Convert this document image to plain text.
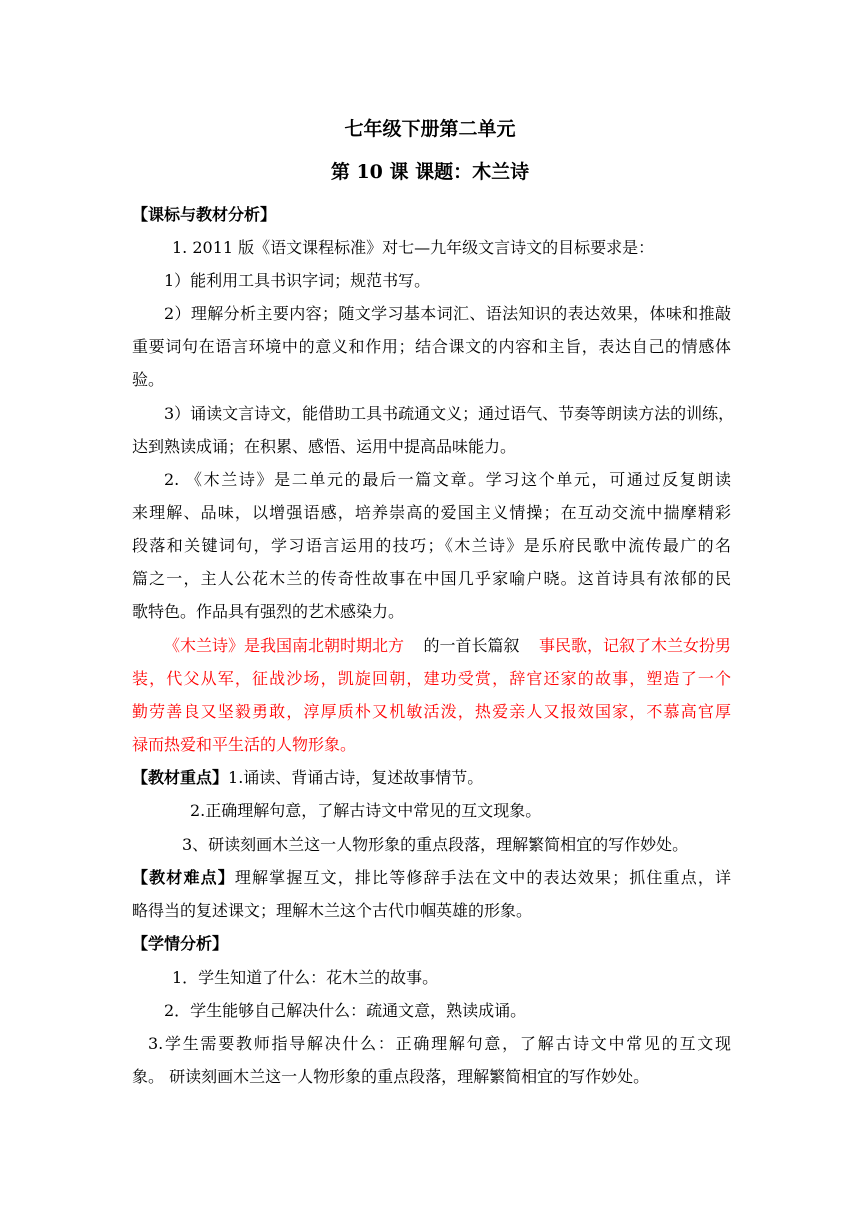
七年级下册第二单元
第 10 课 课题：木兰诗
【课标与教材分析】
1. 2011 版《语文课程标准》对七—九年级文言诗文的目标要求是：
1）能利用工具书识字词；规范书写。
2）理解分析主要内容；随文学习基本词汇、语法知识的表达效果，体味和推敲
重要词句在语言环境中的意义和作用；结合课文的内容和主旨，表达自己的情感体
验。
3）诵读文言诗文，能借助工具书疏通文义；通过语气、节奏等朗读方法的训练，
达到熟读成诵；在积累、感悟、运用中提高品味能力。
2. 《木兰诗》是二单元的最后一篇文章。学习这个单元，可通过反复朗读
来理解、品味，以增强语感，培养崇高的爱国主义情操；在互动交流中揣摩精彩
段落和关键词句，学习语言运用的技巧；《木兰诗》是乐府民歌中流传最广的名
篇之一，主人公花木兰的传奇性故事在中国几乎家喻户晓。这首诗具有浓郁的民
歌特色。作品具有强烈的艺术感染力。
《木兰诗》是我国南北朝时期北方 的一首长篇叙 事民歌，记叙了木兰女扮男
装，代父从军，征战沙场，凯旋回朝，建功受赏，辞官还家的故事，塑造了一个
勤劳善良又坚毅勇敢，淳厚质朴又机敏活泼，热爱亲人又报效国家，不慕高官厚
禄而热爱和平生活的人物形象。
【教材重点】1.诵读、背诵古诗，复述故事情节。
2.正确理解句意，了解古诗文中常见的互文现象。
3、研读刻画木兰这一人物形象的重点段落，理解繁简相宜的写作妙处。
【教材难点】理解掌握互文，排比等修辞手法在文中的表达效果；抓住重点，详
略得当的复述课文；理解木兰这个古代巾帼英雄的形象。
【学情分析】
1．学生知道了什么：花木兰的故事。
2．学生能够自己解决什么：疏通文意，熟读成诵。
3.学生需要教师指导解决什么：正确理解句意，了解古诗文中常见的互文现
象。 研读刻画木兰这一人物形象的重点段落，理解繁简相宜的写作妙处。
